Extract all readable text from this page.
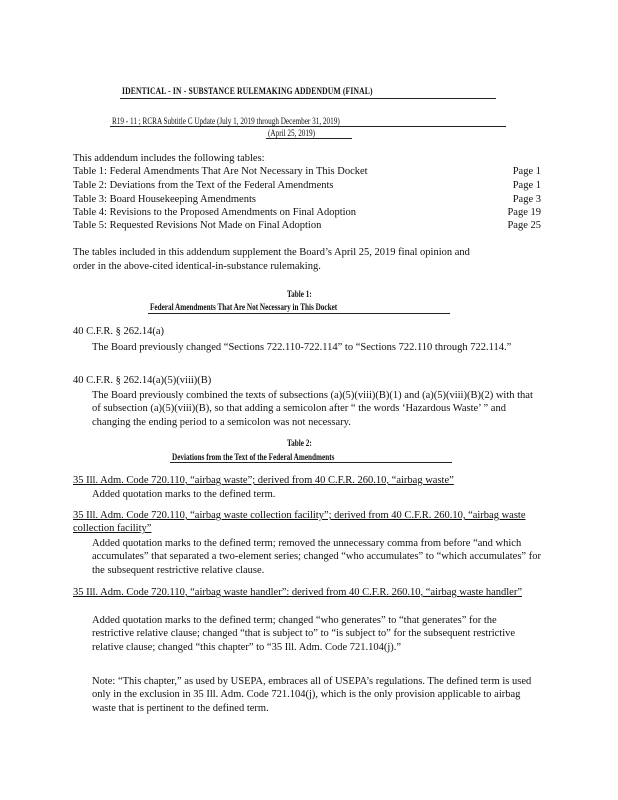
IDENTICAL - IN - SUBSTANCE RULEMAKING ADDENDUM (FINAL)
R19 - 11 ; RCRA Subtitle C Update (July 1, 2019 through December 31, 2019)
(April 25, 2019)
This addendum includes the following tables:
Table 1: Federal Amendments That Are Not Necessary in This Docket	Page 1
Table 2: Deviations from the Text of the Federal Amendments	Page 1
Table 3: Board Housekeeping Amendments	Page 3
Table 4: Revisions to the Proposed Amendments on Final Adoption	Page 19
Table 5: Requested Revisions Not Made on Final Adoption	Page 25
The tables included in this addendum supplement the Board’s April 25, 2019 final opinion and
order in the above-cited identical-in-substance rulemaking.
Table 1:
Federal Amendments That Are Not Necessary in This Docket
40 C.F.R. § 262.14(a)
The Board previously changed “Sections 722.110-722.114” to “Sections 722.110 through 722.114.”
40 C.F.R. § 262.14(a)(5)(viii)(B)
The Board previously combined the texts of subsections (a)(5)(viii)(B)(1) and (a)(5)(viii)(B)(2) with that of subsection (a)(5)(viii)(B), so that adding a semicolon after “ the words ‘Hazardous Waste’ ” and changing the ending period to a semicolon was not necessary.
Table 2:
Deviations from the Text of the Federal Amendments
35 Ill. Adm. Code 720.110, “airbag waste”; derived from 40 C.F.R. 260.10, “airbag waste”
Added quotation marks to the defined term.
35 Ill. Adm. Code 720.110, “airbag waste collection facility”; derived from 40 C.F.R. 260.10, “airbag waste collection facility”
Added quotation marks to the defined term; removed the unnecessary comma from before “and which accumulates” that separated a two-element series; changed “who accumulates” to “which accumulates” for the subsequent restrictive relative clause.
35 Ill. Adm. Code 720.110, “airbag waste handler”: derived from 40 C.F.R. 260.10, “airbag waste handler”
Added quotation marks to the defined term; changed “who generates” to “that generates” for the restrictive relative clause; changed “that is subject to” to “is subject to” for the subsequent restrictive relative clause; changed “this chapter” to “35 Ill. Adm. Code 721.104(j).”
Note: “This chapter,” as used by USEPA, embraces all of USEPA’s regulations. The defined term is used only in the exclusion in 35 Ill. Adm. Code 721.104(j), which is the only provision applicable to airbag waste that is pertinent to the defined term.
